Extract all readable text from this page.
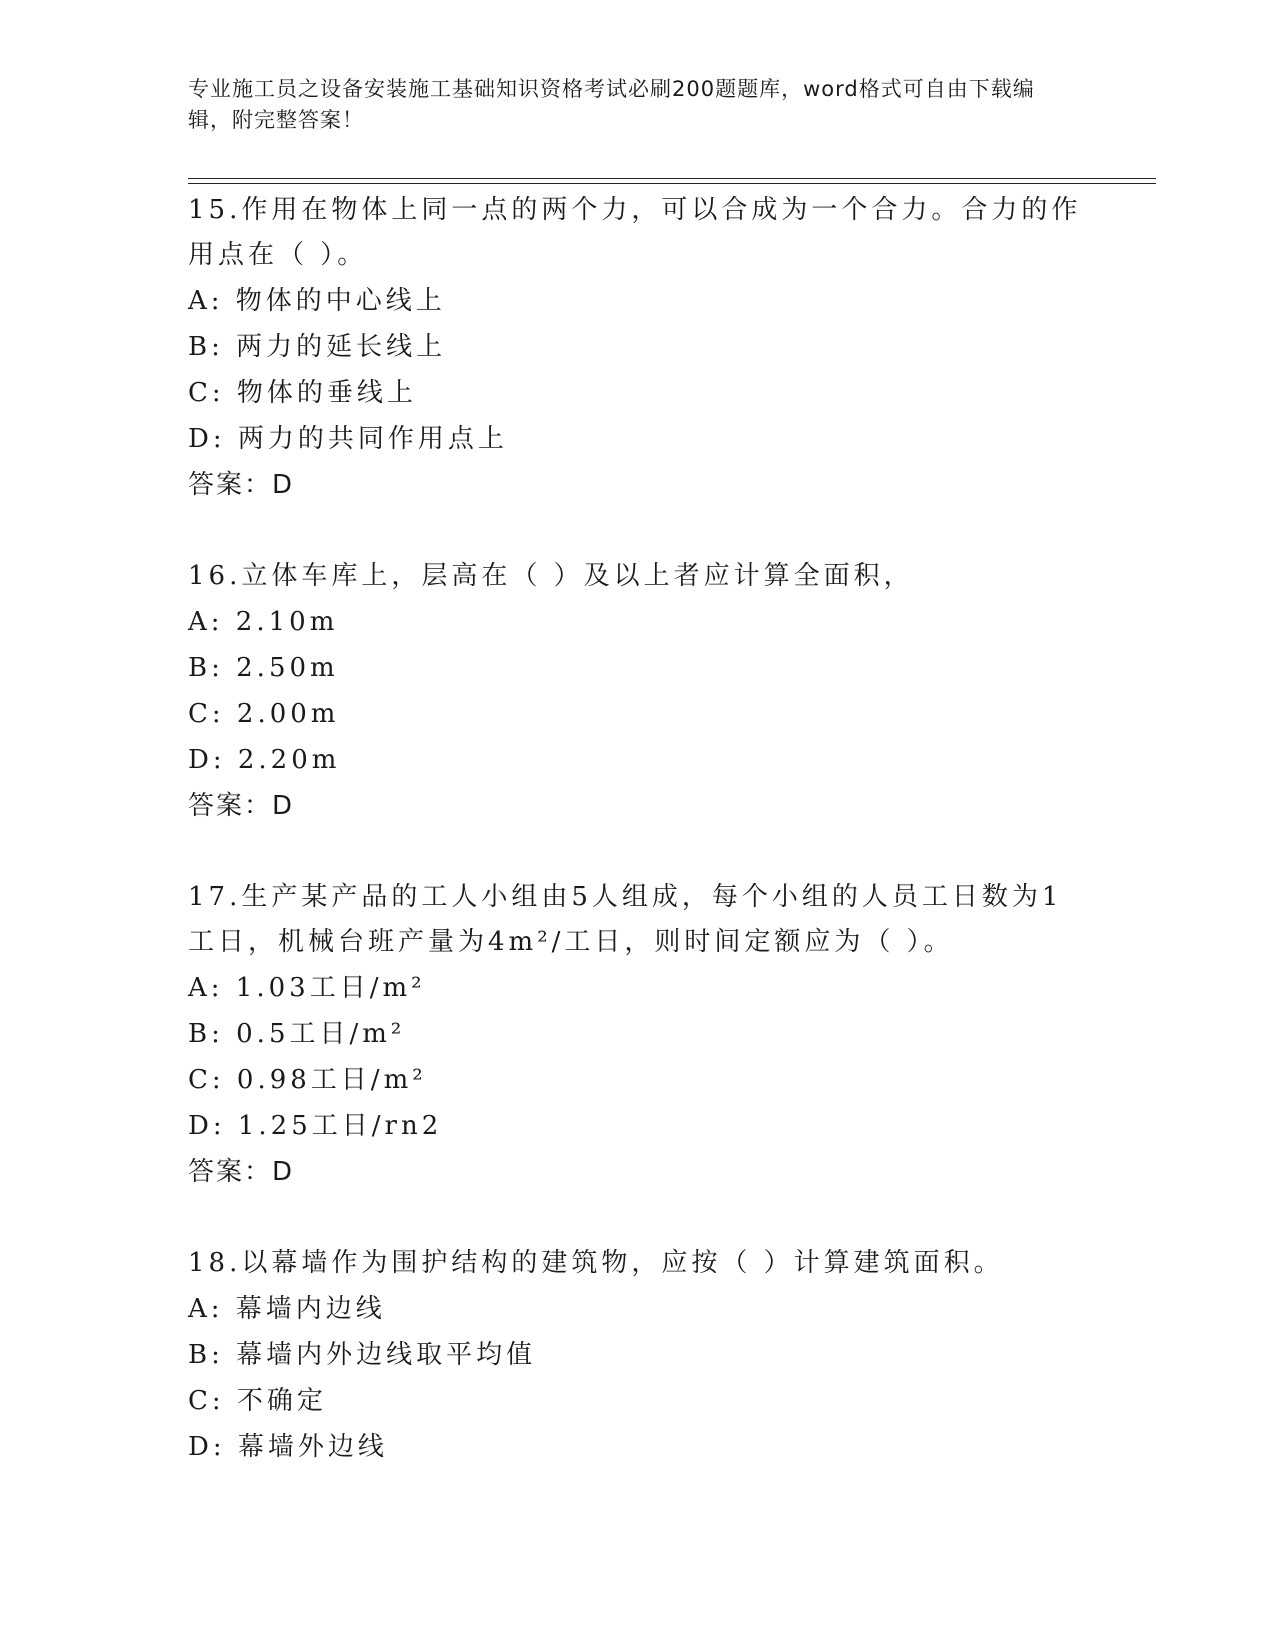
专业施工员之设备安装施工基础知识资格考试必刷200题题库，word格式可自由下载编辑，附完整答案！

15.作用在物体上同一点的两个力，可以合成为一个合力。合力的作用点在（ ）。

A: 物体的中心线上

B: 两力的延长线上

C: 物体的垂线上

D: 两力的共同作用点上

答案：D

16.立体车库上，层高在（ ）及以上者应计算全面积，

A: 2.10m

B: 2.50m

C: 2.00m

D: 2.20m

答案：D

17.生产某产品的工人小组由5人组成，每个小组的人员工日数为1工日，机械台班产量为4m²/工日，则时间定额应为（ ）。

A: 1.03工日/m²

B: 0.5工日/m²

C: 0.98工日/m²

D: 1.25工日/rn2

答案：D

18.以幕墙作为围护结构的建筑物，应按（ ）计算建筑面积。

A: 幕墙内边线

B: 幕墙内外边线取平均值

C: 不确定

D: 幕墙外边线
